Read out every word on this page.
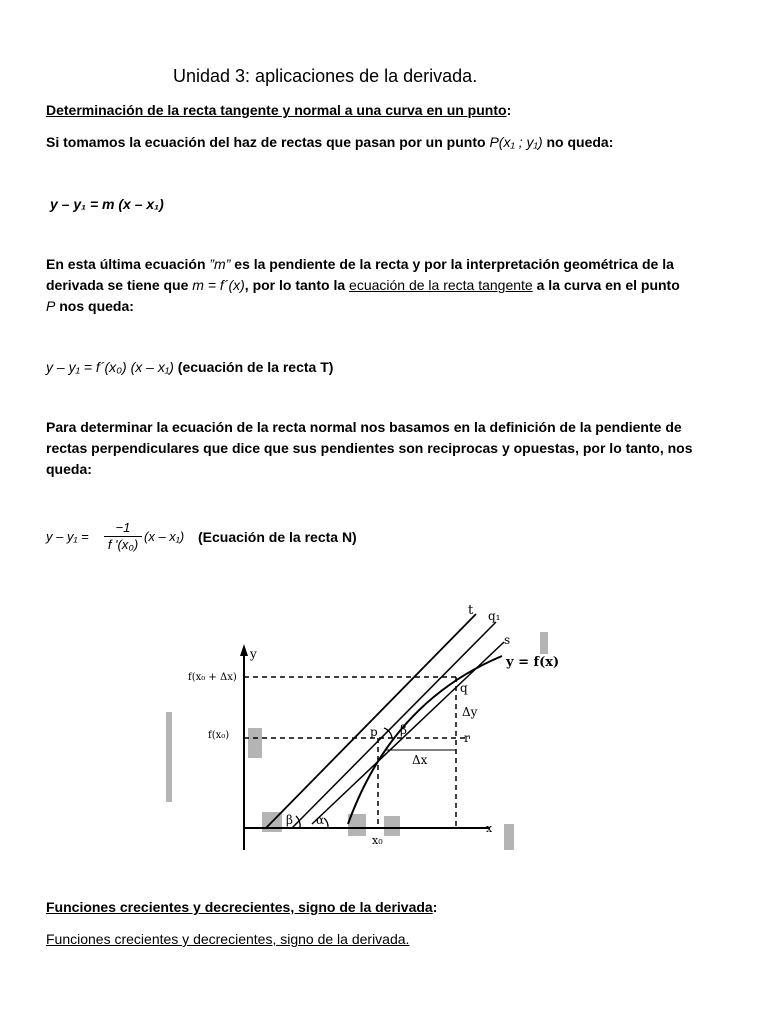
Unidad 3: aplicaciones de la derivada.
Determinación de la recta tangente y normal a una curva en un punto:
Si tomamos la ecuación del haz de rectas que pasan por un punto P(x₁ ; y₁) no queda:
y – y₁ = m (x – x₁)
En esta última ecuación ”m” es la pendiente de la recta y por la interpretación geométrica de la
derivada se tiene que m = f´(x), por lo tanto la ecuación de la recta tangente a la curva en el punto
P nos queda:
y – y₁ = f´(x₀) (x – x₁) (ecuación de la recta T)
Para determinar la ecuación de la recta normal nos basamos en la definición de la pendiente de
rectas perpendiculares que dice que sus pendientes son reciprocas y opuestas, por lo tanto, nos
queda:
$y - y_1 = \frac{-1}{\text{f '(x₀)}} (x - x_1)$ (Ecuación de la recta N)
t q₁
s
y = f(x)
q
p	r
β
β α
Δx
Δy
f(x₀ + Δx)
f(x₀)
y
x
x₀
Funciones crecientes y decrecientes, signo de la derivada:
Funciones crecientes y decrecientes, signo de la derivada.
